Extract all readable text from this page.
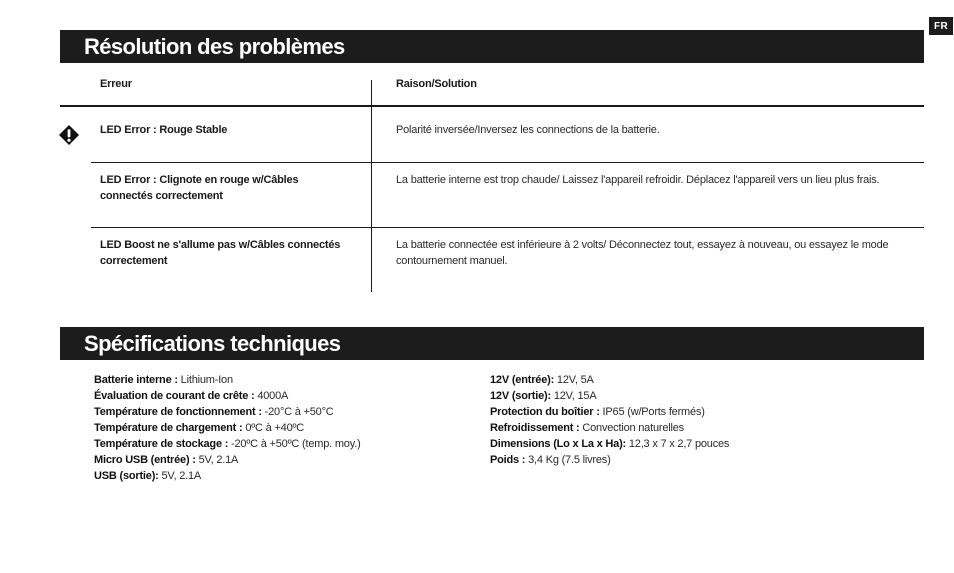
FR
Résolution des problèmes
Erreur	Raison/Solution
LED Error : Rouge Stable	Polarité inversée/Inversez les connections de la batterie.
LED Error : Clignote en rouge w/Câbles connectés correctement
La batterie interne est trop chaude/ Laissez l'appareil refroidir. Déplacez l'appareil vers un lieu plus frais.
LED Boost ne s'allume pas w/Câbles connectés correctement
La batterie connectée est inférieure à 2 volts/ Déconnectez tout, essayez à nouveau, ou essayez le mode contournement manuel.
Spécifications techniques
Batterie interne : Lithium-Ion
Évaluation de courant de crête : 4000A
Température de fonctionnement : -20°C à +50°C
Température de chargement : 0ºC à +40ºC
Température de stockage : -20ºC à +50ºC (temp. moy.)
Micro USB (entrée) : 5V, 2.1A
USB (sortie): 5V, 2.1A
12V (entrée): 12V, 5A
12V (sortie): 12V, 15A
Protection du boîtier : IP65 (w/Ports fermés)
Refroidissement : Convection naturelles
Dimensions (Lo x La x Ha): 12,3 x 7 x 2,7 pouces
Poids : 3,4 Kg (7.5 livres)
